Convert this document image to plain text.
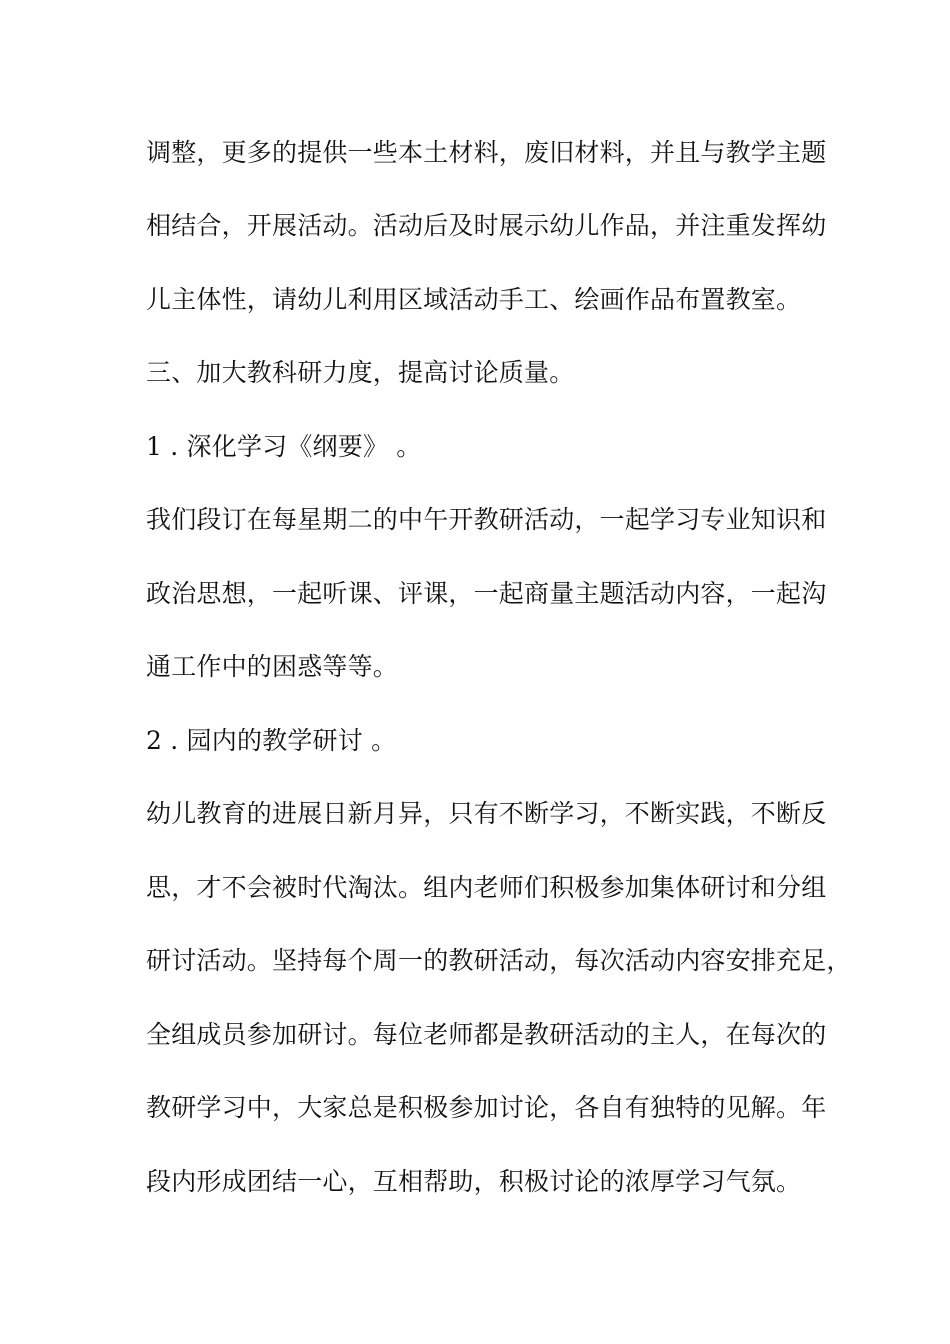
调整，更多的提供一些本土材料，废旧材料，并且与教学主题
相结合，开展活动。活动后及时展示幼儿作品，并注重发挥幼
儿主体性，请幼儿利用区域活动手工、绘画作品布置教室。
三、加大教科研力度，提高讨论质量。
1 . 深化学习《纲要》 。
我们段订在每星期二的中午开教研活动，一起学习专业知识和
政治思想，一起听课、评课，一起商量主题活动内容，一起沟
通工作中的困惑等等。
2 . 园内的教学研讨 。
幼儿教育的进展日新月异，只有不断学习，不断实践，不断反
思，才不会被时代淘汰。组内老师们积极参加集体研讨和分组
研讨活动。坚持每个周一的教研活动，每次活动内容安排充足，
全组成员参加研讨。每位老师都是教研活动的主人，在每次的
教研学习中，大家总是积极参加讨论，各自有独特的见解。年
段内形成团结一心，互相帮助，积极讨论的浓厚学习气氛。
